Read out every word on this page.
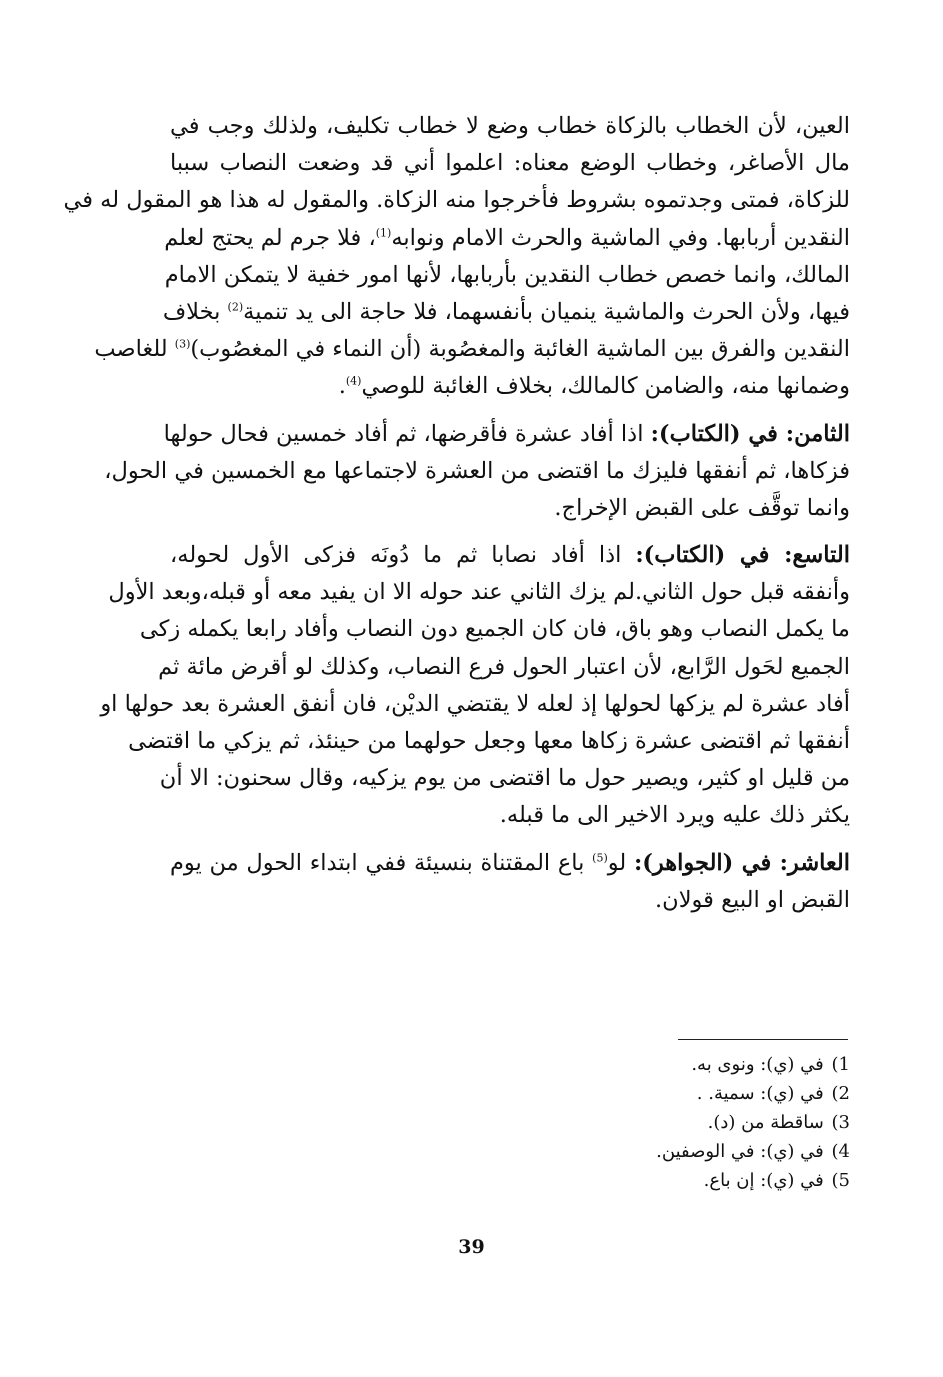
العين، لأن الخطاب بالزكاة خطاب وضع لا خطاب تكليف، ولذلك وجب في
مال الأصاغر، وخطاب الوضع معناه: اعلموا أني قد وضعت النصاب سببا
للزكاة، فمتى وجدتموه بشروط فأخرجوا منه الزكاة. والمقول له هذا هو المقول له في
النقدين أربابها. وفي الماشية والحرث الامام ونوابه$^{(1)}$، فلا جرم لم يحتج لعلم
المالك، وانما خصص خطاب النقدين بأربابها، لأنها امور خفية لا يتمكن الامام
فيها، ولأن الحرث والماشية ينميان بأنفسهما، فلا حاجة الى يد تنمية$^{(2)}$ بخلاف
النقدين والفرق بين الماشية الغائبة والمغصُوبة (أن النماء في المغصُوب)$^{(3)}$ للغاصب
وضمانها منه، والضامن كالمالك، بخلاف الغائبة للوصي$^{(4)}$.
الثامن: في (الكتاب): اذا أفاد عشرة فأقرضها، ثم أفاد خمسين فحال حولها
فزكاها، ثم أنفقها فليزك ما اقتضى من العشرة لاجتماعها مع الخمسين في الحول،
وانما توقَّف على القبض الإخراج.
التاسع: في (الكتاب): اذا أفاد نصابا ثم ما دُونَه فزكى الأول لحوله،
وأنفقه قبل حول الثاني.لم يزك الثاني عند حوله الا ان يفيد معه أو قبله،وبعد الأول
ما يكمل النصاب وهو باق، فان كان الجميع دون النصاب وأفاد رابعا يكمله زكى
الجميع لحَول الرَّابع، لأن اعتبار الحول فرع النصاب، وكذلك لو أقرض مائة ثم
أفاد عشرة لم يزكها لحولها إذ لعله لا يقتضي الديْن، فان أنفق العشرة بعد حولها او
أنفقها ثم اقتضى عشرة زكاها معها وجعل حولهما من حينئذ، ثم يزكي ما اقتضى
من قليل او كثير، ويصير حول ما اقتضى من يوم يزكيه، وقال سحنون: الا أن
يكثر ذلك عليه ويرد الاخير الى ما قبله.
العاشر: في (الجواهر): لو$^{(5)}$ باع المقتناة بنسيئة ففي ابتداء الحول من يوم
القبض او البيع قولان.
1) في (ي): ونوى به.
2) في (ي): سمية. .
3) ساقطة من (د).
4) في (ي): في الوصفين.
5) في (ي): إن باع.
39
